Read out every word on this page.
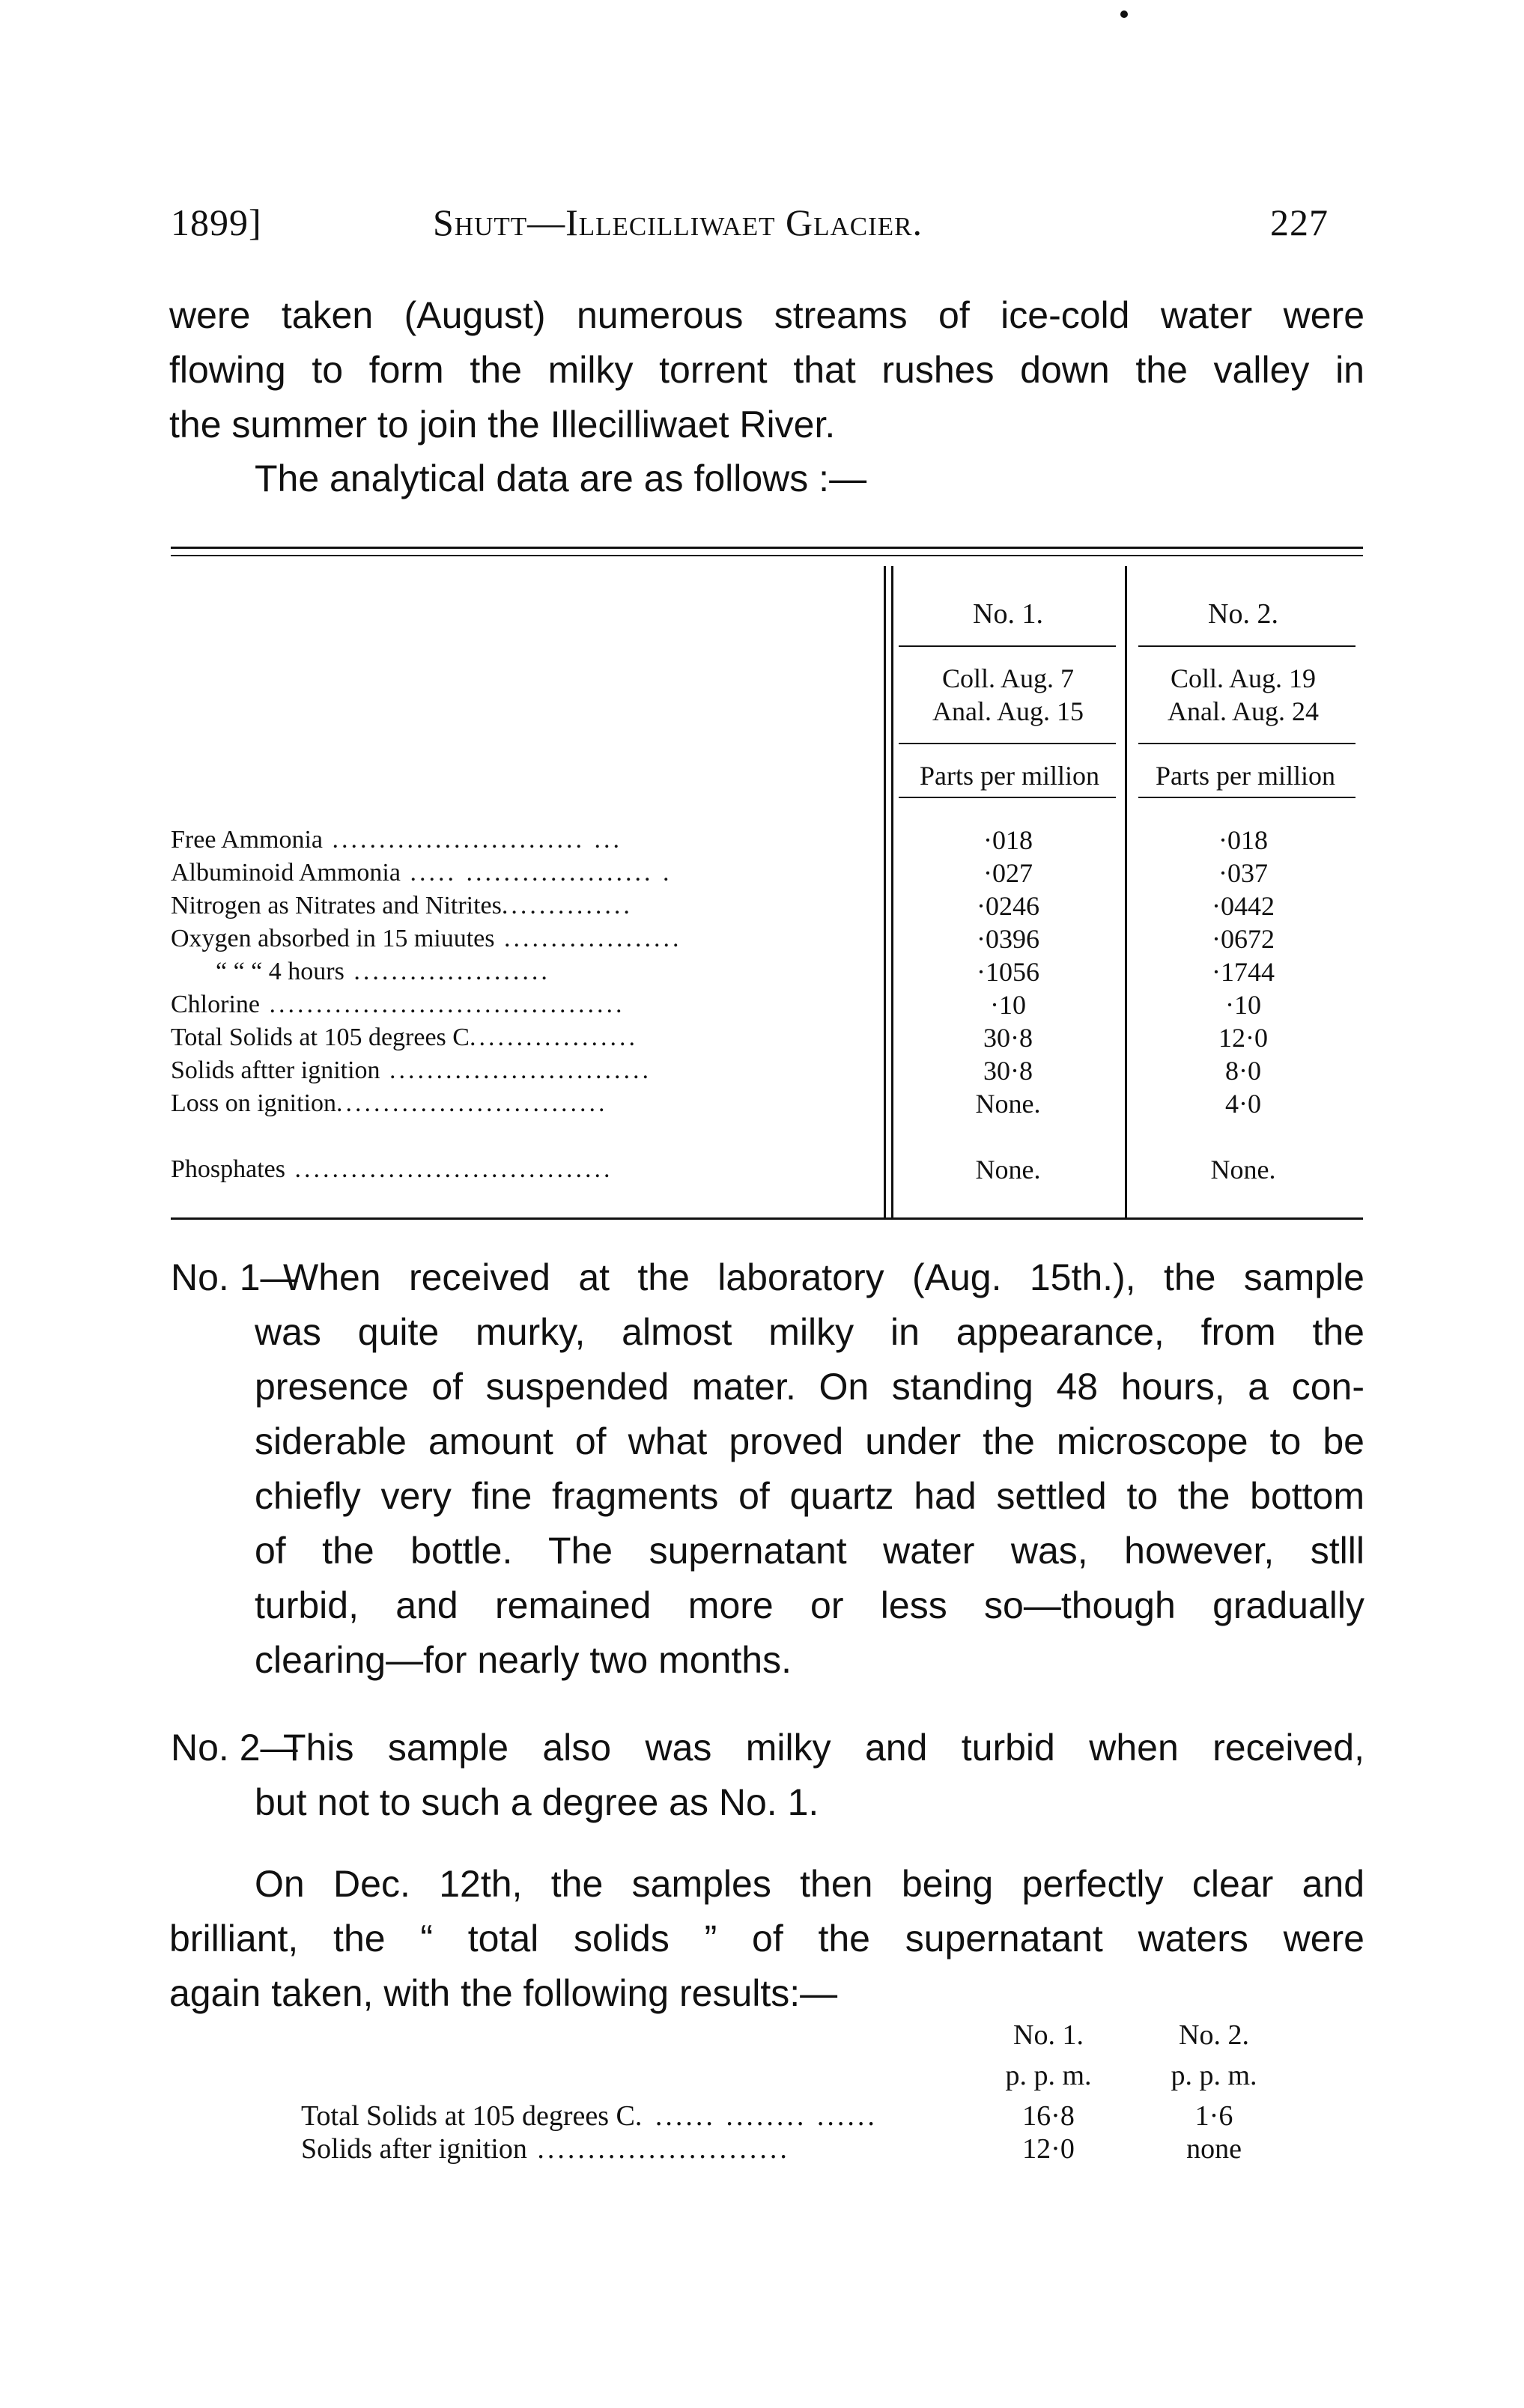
1899]	Shutt—Illecilliwaet Glacier.	227
were taken (August) numerous streams of ice-cold water were
flowing to form the milky torrent that rushes down the valley in
the summer to join the Illecilliwaet River.
The analytical data are as follows :—
No. 1.	No. 2.
Coll. Aug. 7	Coll. Aug. 19
Anal. Aug. 15	Anal. Aug. 24
Parts per million	Parts per million
Free Ammonia ........................... ...	·018	·018
Albuminoid Ammonia ..... .................... .	·027	·037
Nitrogen as Nitrates and Nitrites..............	·0246	·0442
Oxygen absorbed in 15 miuutes ...................	·0396	·0672
“ “ “ 4 hours .....................	·1056	·1744
Chlorine ......................................	·10	·10
Total Solids at 105 degrees C..................	30·8	12·0
Solids aftter ignition ............................	30·8	8·0
Loss on ignition.............................	None.	4·0
Phosphates ..................................	None.	None.
No. 1—
When received at the laboratory (Aug. 15th.), the sample
was quite murky, almost milky in appearance, from the
presence of suspended mater. On standing 48 hours, a con-
siderable amount of what proved under the microscope to be
chiefly very fine fragments of quartz had settled to the bottom
of the bottle. The supernatant water was, however, stlll
turbid, and remained more or less so—though gradually
clearing—for nearly two months.
No. 2—
This sample also was milky and turbid when received,
but not to such a degree as No. 1.
On Dec. 12th, the samples then being perfectly clear and
brilliant, the “ total solids ” of the supernatant waters were
again taken, with the following results:—
No. 1.	No. 2.
p. p. m.	p. p. m.
Total Solids at 105 degrees C. ...... ........ ......	16·8	1·6
Solids after ignition .........................	12·0	none
